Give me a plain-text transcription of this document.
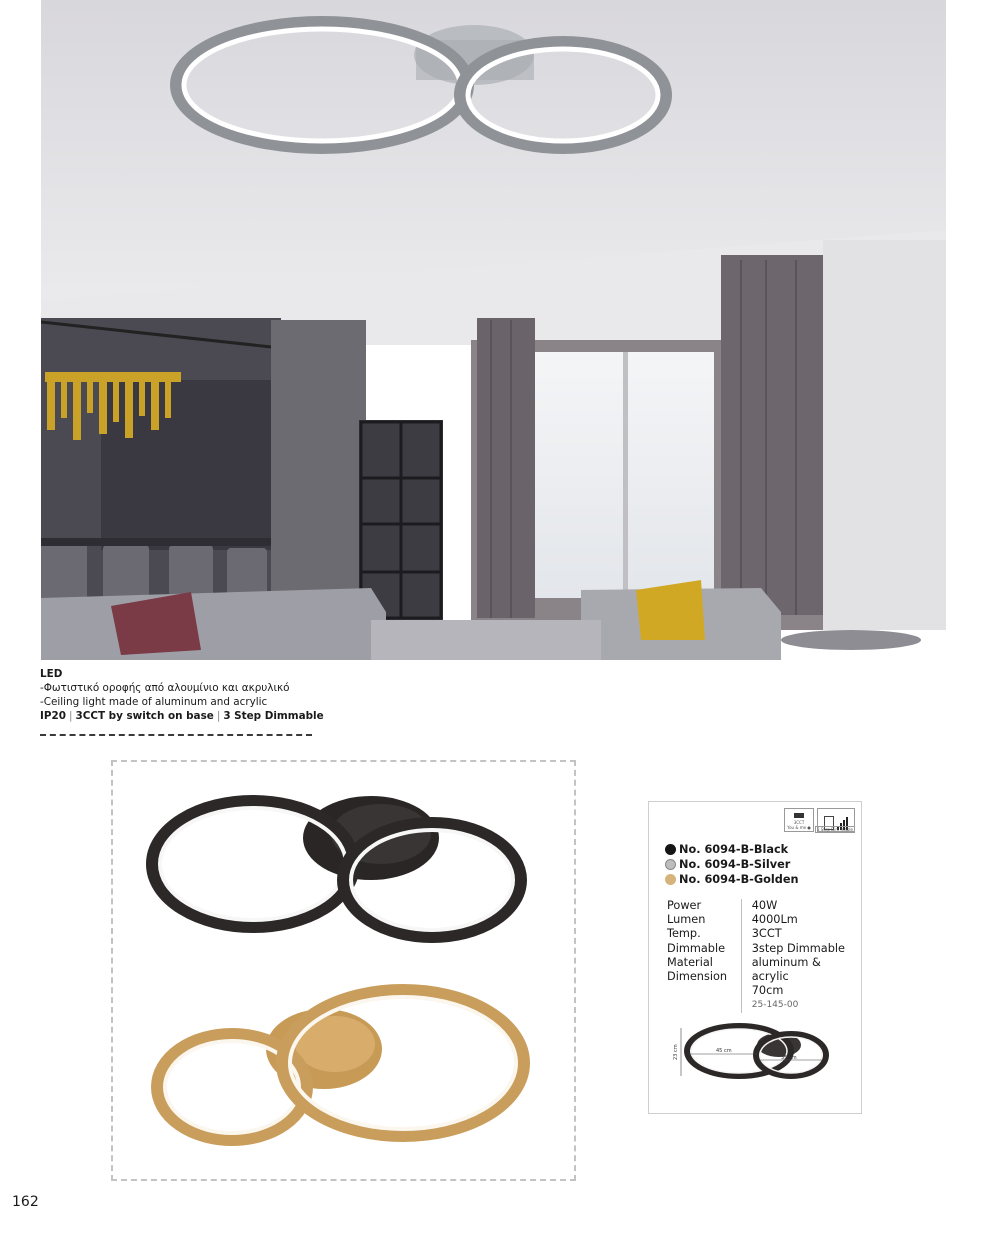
LED
-Φωτιστικό οροφής από αλουμίνιο και ακρυλικό
-Ceiling light made of aluminum and acrylic
IP20 | 3CCT by switch on base | 3 Step Dimmable
3CCT
You & me ●	3 Step Dim mable
No. 6094-B-Black
No. 6094-B-Silver
No. 6094-B-Golden
Power
Lumen
Temp.
Dimmable
Material
Dimension
40W
4000Lm
3CCT
3step Dimmable
aluminum & acrylic
70cm
25-145-00
23 cm	45 cm
35 cm
162
